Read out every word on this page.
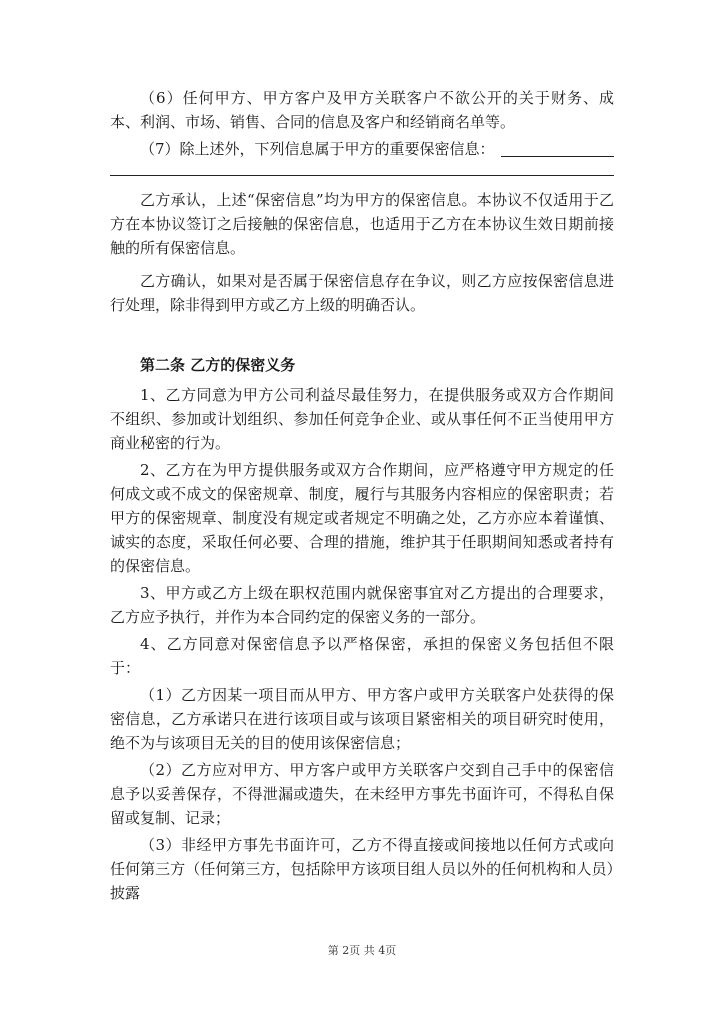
（6）任何甲方、甲方客户及甲方关联客户不欲公开的关于财务、成本、利润、市场、销售、合同的信息及客户和经销商名单等。

（7）除上述外，下列信息属于甲方的重要保密信息：

乙方承认，上述“保密信息”均为甲方的保密信息。本协议不仅适用于乙方在本协议签订之后接触的保密信息，也适用于乙方在本协议生效日期前接触的所有保密信息。

乙方确认，如果对是否属于保密信息存在争议，则乙方应按保密信息进行处理，除非得到甲方或乙方上级的明确否认。

第二条 乙方的保密义务

1、乙方同意为甲方公司利益尽最佳努力，在提供服务或双方合作期间不组织、参加或计划组织、参加任何竞争企业、或从事任何不正当使用甲方商业秘密的行为。

2、乙方在为甲方提供服务或双方合作期间，应严格遵守甲方规定的任何成文或不成文的保密规章、制度，履行与其服务内容相应的保密职责；若甲方的保密规章、制度没有规定或者规定不明确之处，乙方亦应本着谨慎、诚实的态度，采取任何必要、合理的措施，维护其于任职期间知悉或者持有的保密信息。

3、甲方或乙方上级在职权范围内就保密事宜对乙方提出的合理要求，乙方应予执行，并作为本合同约定的保密义务的一部分。

4、乙方同意对保密信息予以严格保密，承担的保密义务包括但不限于：

（1）乙方因某一项目而从甲方、甲方客户或甲方关联客户处获得的保密信息，乙方承诺只在进行该项目或与该项目紧密相关的项目研究时使用，绝不为与该项目无关的目的使用该保密信息；

（2）乙方应对甲方、甲方客户或甲方关联客户交到自己手中的保密信息予以妥善保存，不得泄漏或遗失，在未经甲方事先书面许可，不得私自保留或复制、记录；

（3）非经甲方事先书面许可，乙方不得直接或间接地以任何方式或向任何第三方（任何第三方，包括除甲方该项目组人员以外的任何机构和人员）披露

第 2页 共 4页
